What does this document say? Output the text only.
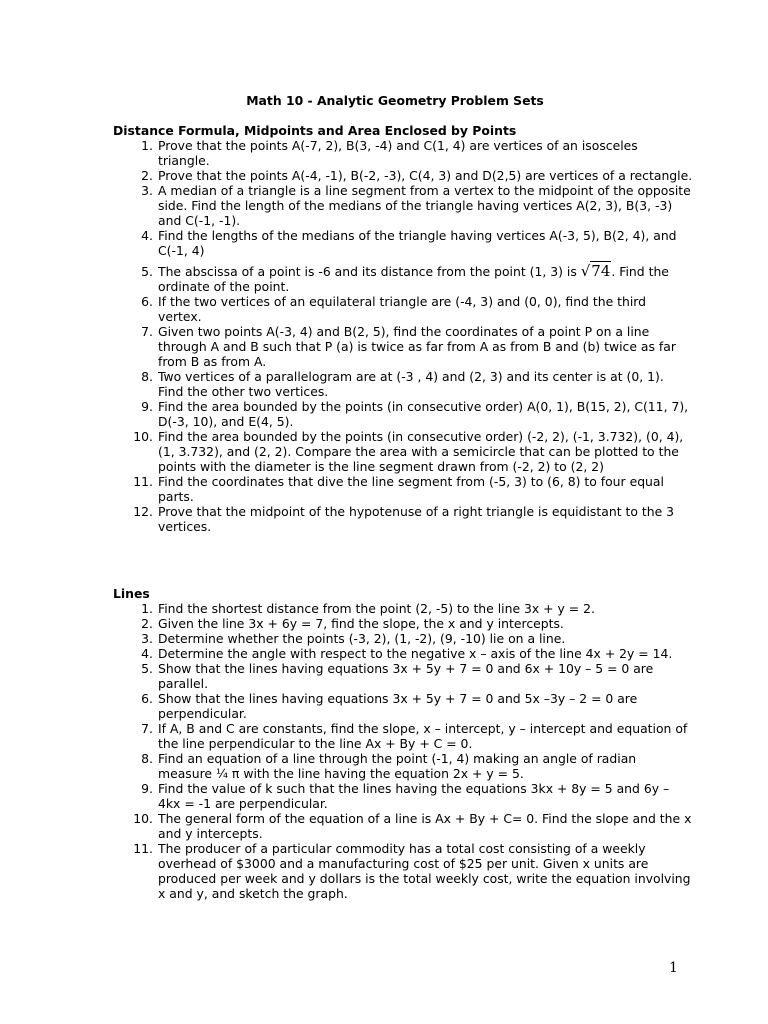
Math 10 - Analytic Geometry Problem Sets

Distance Formula, Midpoints and Area Enclosed by Points

1. Prove that the points A(-7, 2), B(3, -4) and C(1, 4) are vertices of an isosceles triangle.
2. Prove that the points A(-4, -1), B(-2, -3), C(4, 3) and D(2,5) are vertices of a rectangle.
3. A median of a triangle is a line segment from a vertex to the midpoint of the opposite side. Find the length of the medians of the triangle having vertices A(2, 3), B(3, -3) and C(-1, -1).
4. Find the lengths of the medians of the triangle having vertices A(-3, 5), B(2, 4), and C(-1, 4)
5. The abscissa of a point is -6 and its distance from the point (1, 3) is √74. Find the ordinate of the point.
6. If the two vertices of an equilateral triangle are (-4, 3) and (0, 0), find the third vertex.
7. Given two points A(-3, 4) and B(2, 5), find the coordinates of a point P on a line through A and B such that P (a) is twice as far from A as from B and (b) twice as far from B as from A.
8. Two vertices of a parallelogram are at (-3 , 4) and (2, 3) and its center is at (0, 1). Find the other two vertices.
9. Find the area bounded by the points (in consecutive order) A(0, 1), B(15, 2), C(11, 7), D(-3, 10), and E(4, 5).
10. Find the area bounded by the points (in consecutive order) (-2, 2), (-1, 3.732), (0, 4), (1, 3.732), and (2, 2). Compare the area with a semicircle that can be plotted to the points with the diameter is the line segment drawn from (-2, 2) to (2, 2)
11. Find the coordinates that dive the line segment from (-5, 3) to (6, 8) to four equal parts.
12. Prove that the midpoint of the hypotenuse of a right triangle is equidistant to the 3 vertices.

Lines

1. Find the shortest distance from the point (2, -5) to the line 3x + y = 2.
2. Given the line 3x + 6y = 7, find the slope, the x and y intercepts.
3. Determine whether the points (-3, 2), (1, -2), (9, -10) lie on a line.
4. Determine the angle with respect to the negative x – axis of the line 4x + 2y = 14.
5. Show that the lines having equations 3x + 5y + 7 = 0 and 6x + 10y – 5 = 0 are parallel.
6. Show that the lines having equations 3x + 5y + 7 = 0 and 5x –3y – 2 = 0 are perpendicular.
7. If A, B and C are constants, find the slope, x – intercept, y – intercept and equation of the line perpendicular to the line Ax + By + C = 0.
8. Find an equation of a line through the point (-1, 4) making an angle of radian measure ¼ π with the line having the equation 2x + y = 5.
9. Find the value of k such that the lines having the equations 3kx + 8y = 5 and 6y – 4kx = -1 are perpendicular.
10. The general form of the equation of a line is Ax + By + C= 0. Find the slope and the x and y intercepts.
11. The producer of a particular commodity has a total cost consisting of a weekly overhead of $3000 and a manufacturing cost of $25 per unit. Given x units are produced per week and y dollars is the total weekly cost, write the equation involving x and y, and sketch the graph.
1
